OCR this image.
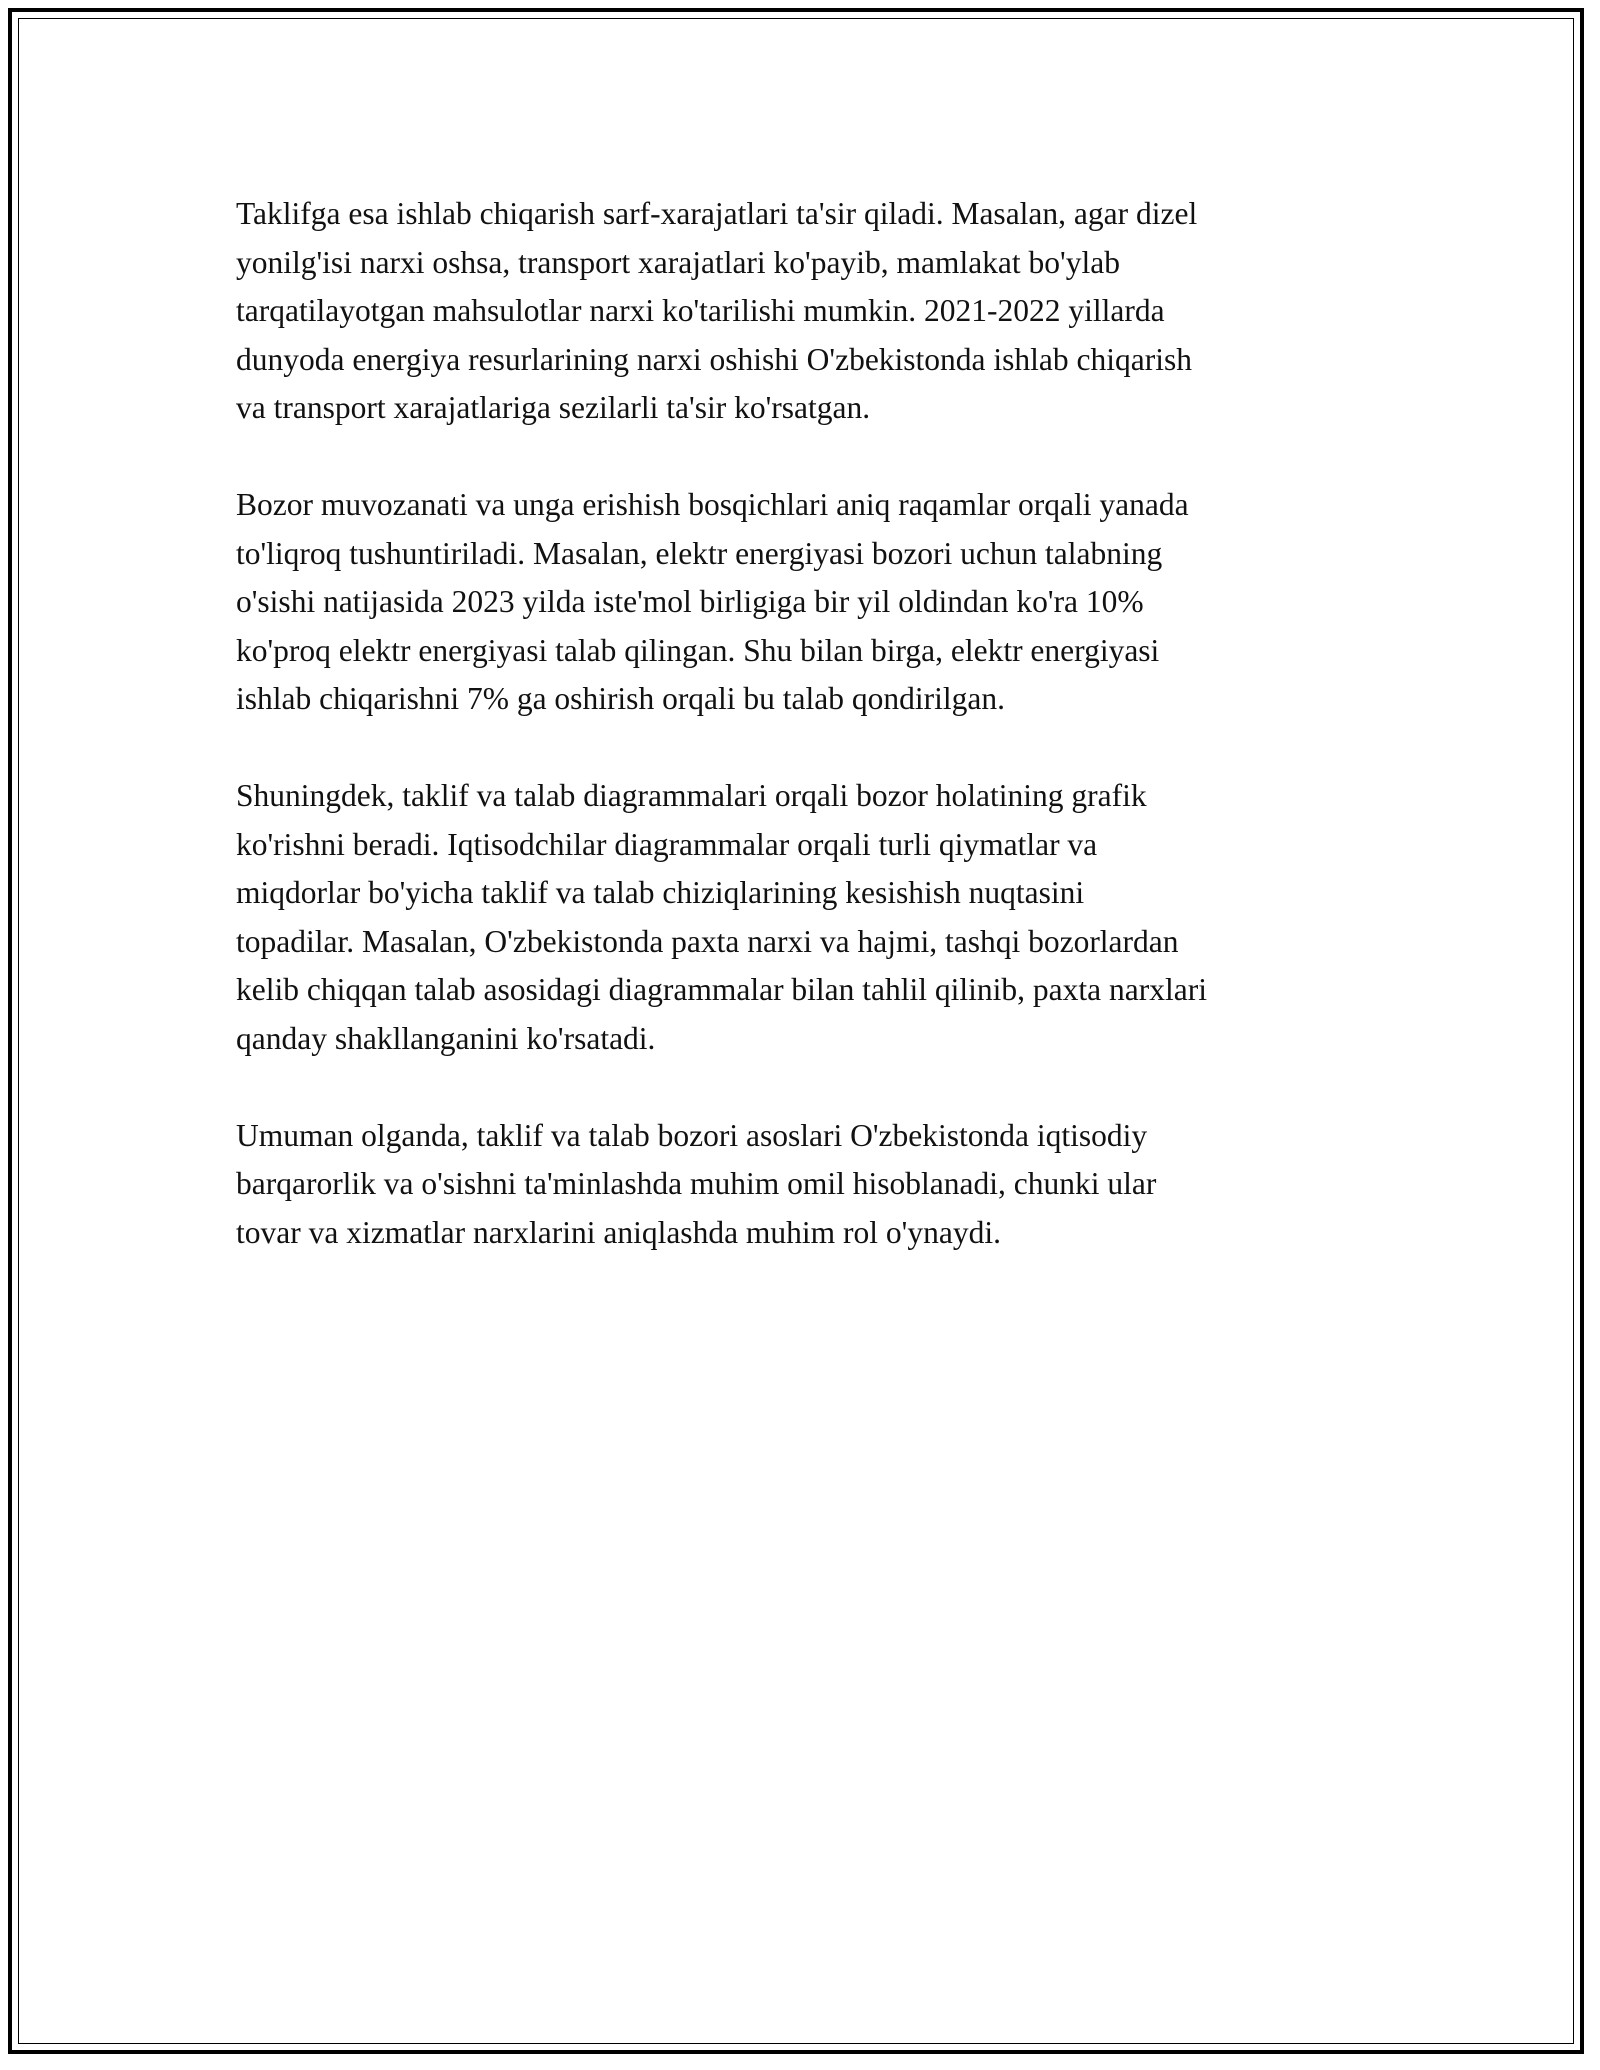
Taklifga esa ishlab chiqarish sarf-xarajatlari ta'sir qiladi. Masalan, agar dizel
yonilg'isi narxi oshsa, transport xarajatlari ko'payib, mamlakat bo'ylab
tarqatilayotgan mahsulotlar narxi ko'tarilishi mumkin. 2021-2022 yillarda
dunyoda energiya resurlarining narxi oshishi O'zbekistonda ishlab chiqarish
va transport xarajatlariga sezilarli ta'sir ko'rsatgan.

Bozor muvozanati va unga erishish bosqichlari aniq raqamlar orqali yanada
to'liqroq tushuntiriladi. Masalan, elektr energiyasi bozori uchun talabning
o'sishi natijasida 2023 yilda iste'mol birligiga bir yil oldindan ko'ra 10%
ko'proq elektr energiyasi talab qilingan. Shu bilan birga, elektr energiyasi
ishlab chiqarishni 7% ga oshirish orqali bu talab qondirilgan.

Shuningdek, taklif va talab diagrammalari orqali bozor holatining grafik
ko'rishni beradi. Iqtisodchilar diagrammalar orqali turli qiymatlar va
miqdorlar bo'yicha taklif va talab chiziqlarining kesishish nuqtasini
topadilar. Masalan, O'zbekistonda paxta narxi va hajmi, tashqi bozorlardan
kelib chiqqan talab asosidagi diagrammalar bilan tahlil qilinib, paxta narxlari
qanday shakllanganini ko'rsatadi.

Umuman olganda, taklif va talab bozori asoslari O'zbekistonda iqtisodiy
barqarorlik va o'sishni ta'minlashda muhim omil hisoblanadi, chunki ular
tovar va xizmatlar narxlarini aniqlashda muhim rol o'ynaydi.
